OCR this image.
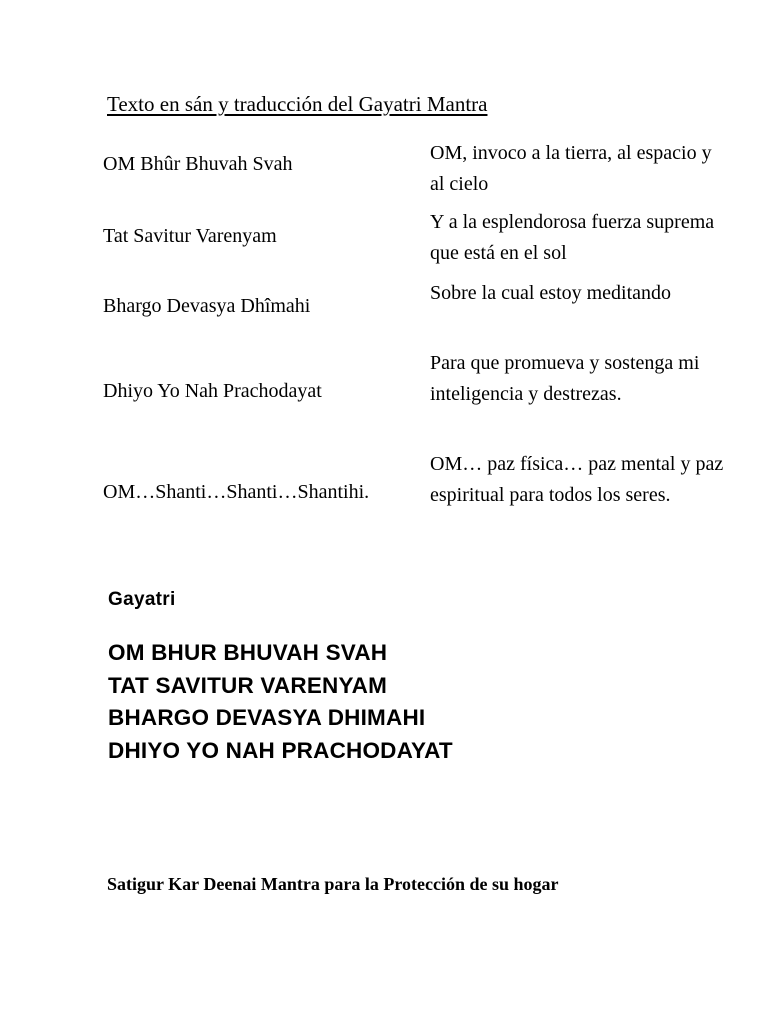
Texto en sán y traducción del Gayatri Mantra
OM Bhûr Bhuvah Svah	OM, invoco a la tierra, al espacio y al cielo
Tat Savitur Varenyam
Y a la esplendorosa fuerza suprema que está en el sol
Bhargo Devasya Dhîmahi
Sobre la cual estoy meditando
Dhiyo Yo Nah Prachodayat
Para que promueva y sostenga mi inteligencia y destrezas.
OM…Shanti…Shanti…Shantihi.
OM… paz física… paz mental y paz espiritual para todos los seres.
Gayatri
OM BHUR BHUVAH SVAH
TAT SAVITUR VARENYAM
BHARGO DEVASYA DHIMAHI
DHIYO YO NAH PRACHODAYAT
Satigur Kar Deenai Mantra para la Protección de su hogar
